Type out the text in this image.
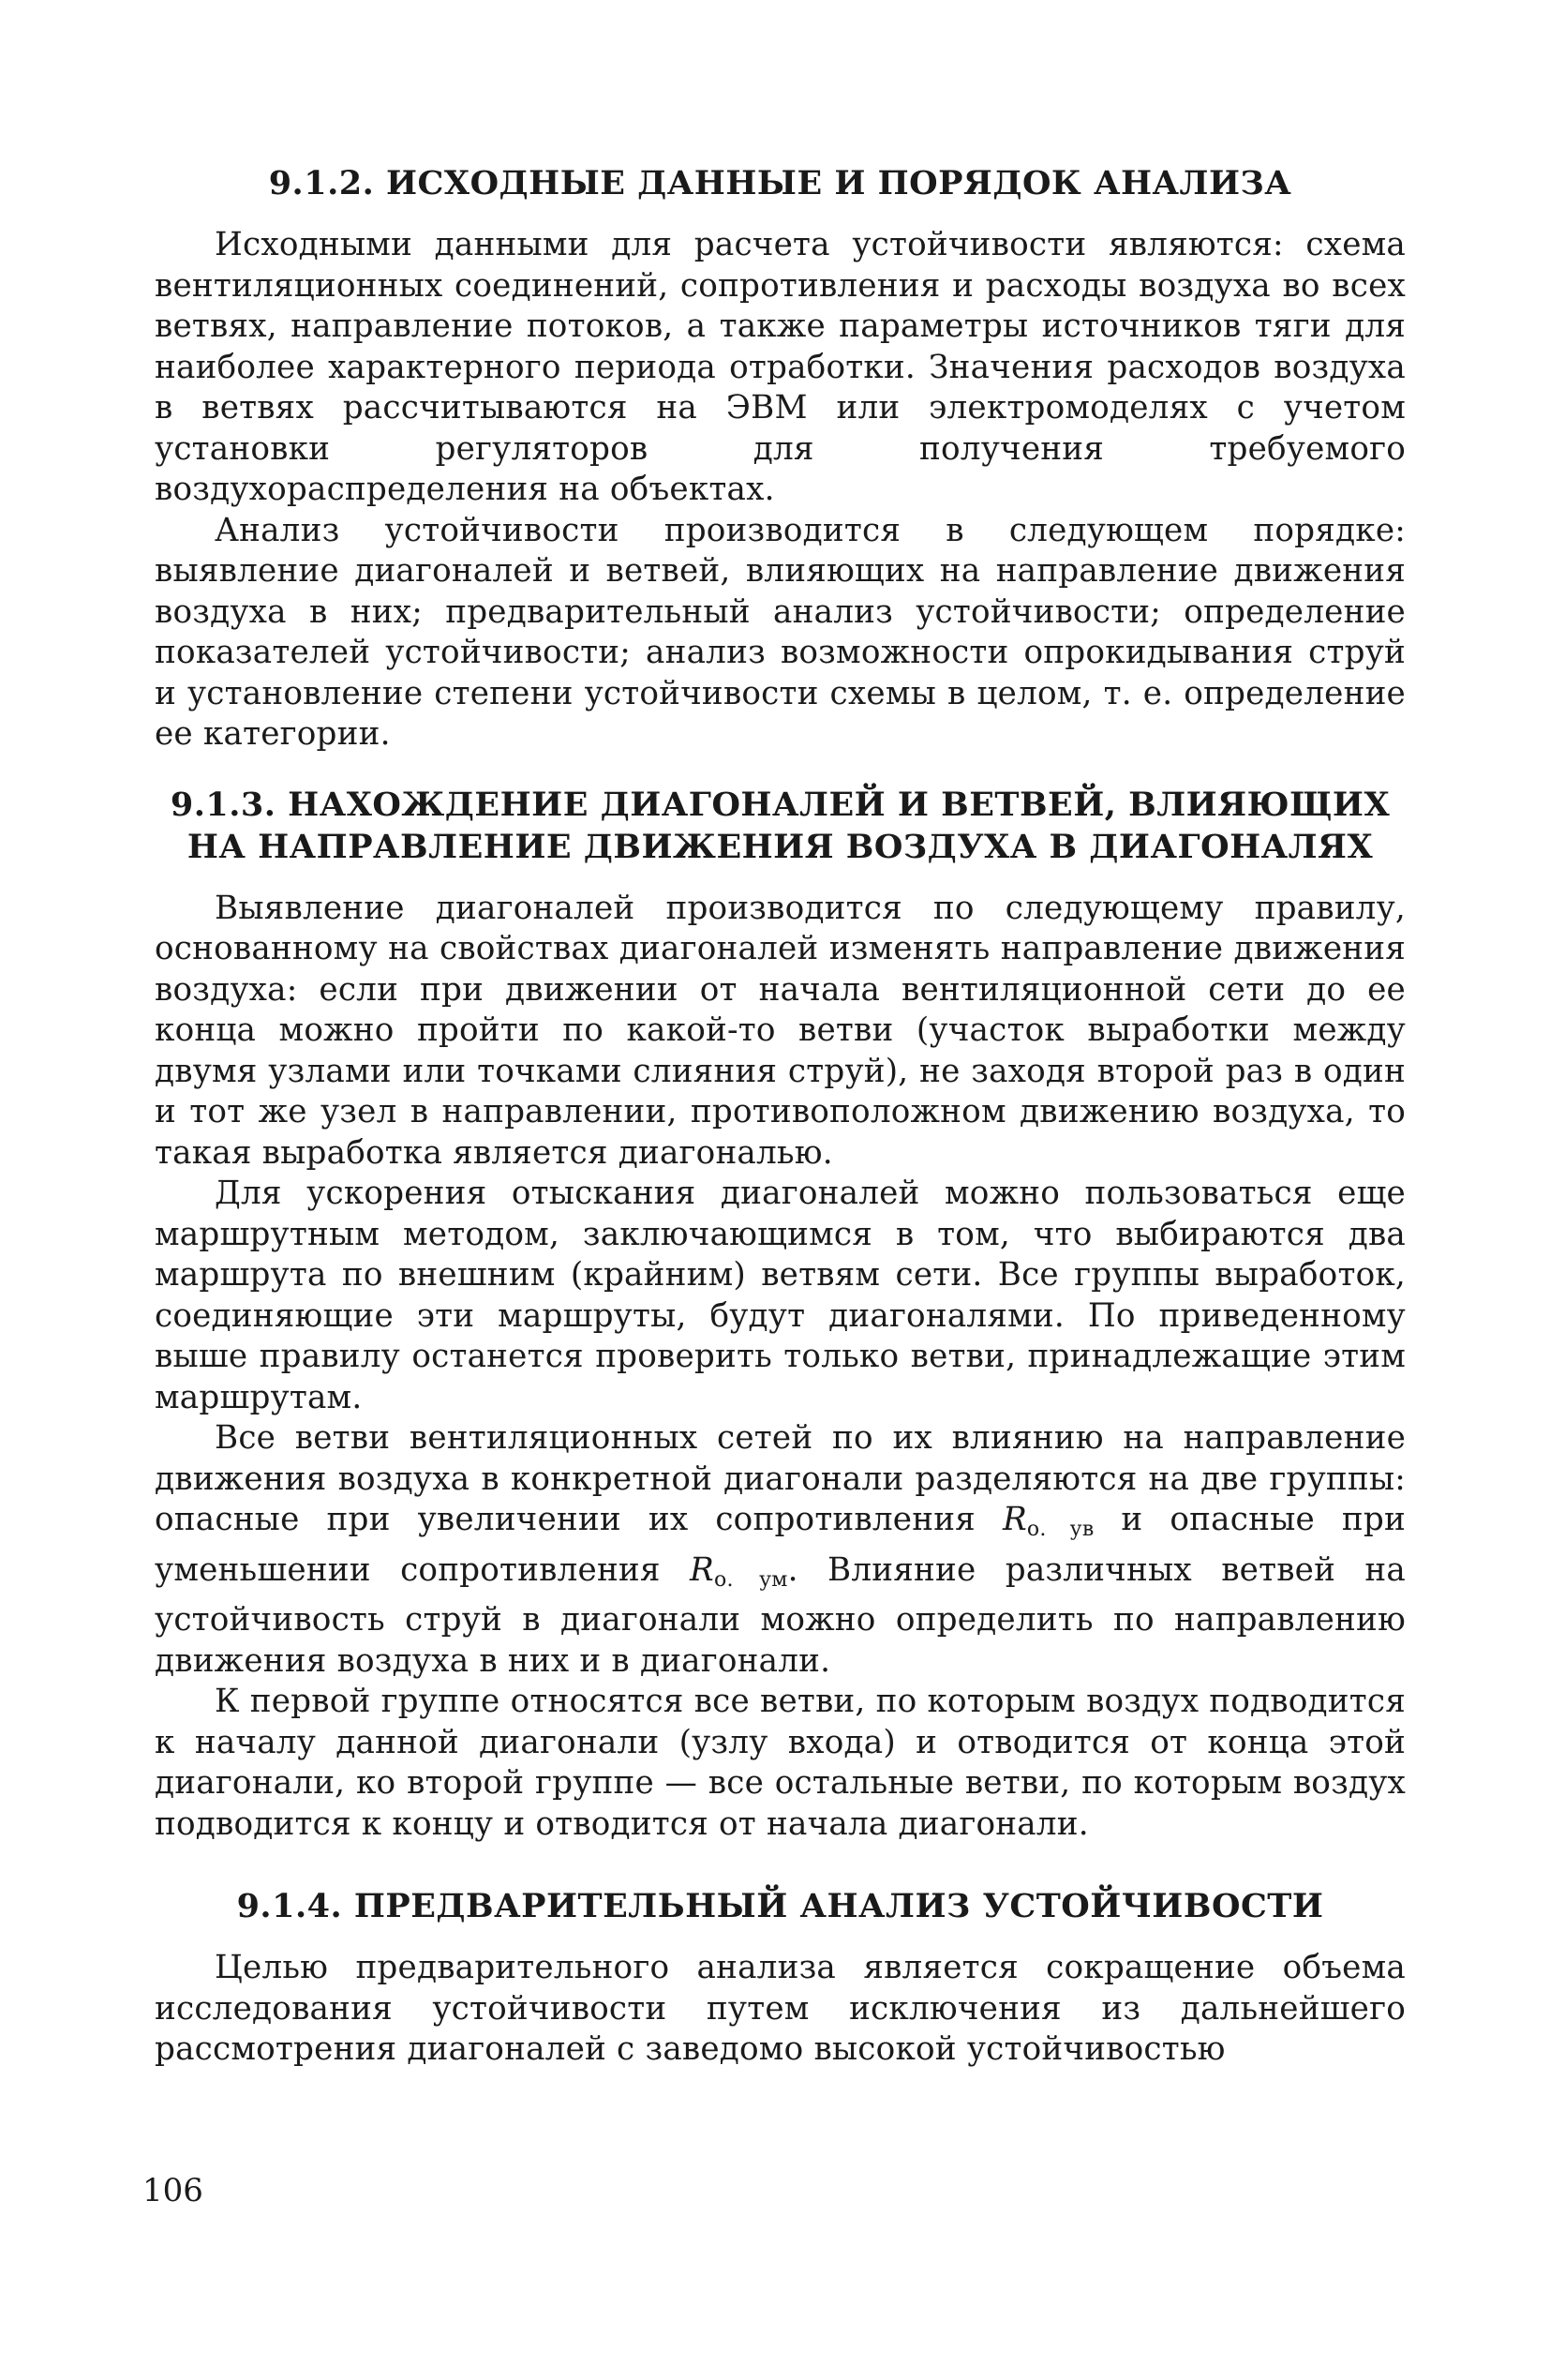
9.1.2. ИСХОДНЫЕ ДАННЫЕ И ПОРЯДОК АНАЛИЗА

Исходными данными для расчета устойчивости являются: схема вентиляционных соединений, сопротивления и расходы воздуха во всех ветвях, направление потоков, а также параметры источников тяги для наиболее характерного периода отработки. Значения расходов воздуха в ветвях рассчитываются на ЭВМ или электромоделях с учетом установки регуляторов для получения требуемого воздухораспределения на объектах.

Анализ устойчивости производится в следующем порядке: выявление диагоналей и ветвей, влияющих на направление движения воздуха в них; предварительный анализ устойчивости; определение показателей устойчивости; анализ возможности опрокидывания струй и установление степени устойчивости схемы в целом, т. е. определение ее категории.

9.1.3. НАХОЖДЕНИЕ ДИАГОНАЛЕЙ И ВЕТВЕЙ, ВЛИЯЮЩИХ
НА НАПРАВЛЕНИЕ ДВИЖЕНИЯ ВОЗДУХА В ДИАГОНАЛЯХ

Выявление диагоналей производится по следующему правилу, основанному на свойствах диагоналей изменять направление движения воздуха: если при движении от начала вентиляционной сети до ее конца можно пройти по какой-то ветви (участок выработки между двумя узлами или точками слияния струй), не заходя второй раз в один и тот же узел в направлении, противоположном движению воздуха, то такая выработка является диагональю.

Для ускорения отыскания диагоналей можно пользоваться еще маршрутным методом, заключающимся в том, что выбираются два маршрута по внешним (крайним) ветвям сети. Все группы выработок, соединяющие эти маршруты, будут диагоналями. По приведенному выше правилу останется проверить только ветви, принадлежащие этим маршрутам.

Все ветви вентиляционных сетей по их влиянию на направление движения воздуха в конкретной диагонали разделяются на две группы: опасные при увеличении их сопротивления $R_{о. ув}$ и опасные при уменьшении сопротивления $R_{о. ум}$. Влияние различных ветвей на устойчивость струй в диагонали можно определить по направлению движения воздуха в них и в диагонали.

К первой группе относятся все ветви, по которым воздух подводится к началу данной диагонали (узлу входа) и отводится от конца этой диагонали, ко второй группе — все остальные ветви, по которым воздух подводится к концу и отводится от начала диагонали.

9.1.4. ПРЕДВАРИТЕЛЬНЫЙ АНАЛИЗ УСТОЙЧИВОСТИ

Целью предварительного анализа является сокращение объема исследования устойчивости путем исключения из дальнейшего рассмотрения диагоналей с заведомо высокой устойчивостью

106
